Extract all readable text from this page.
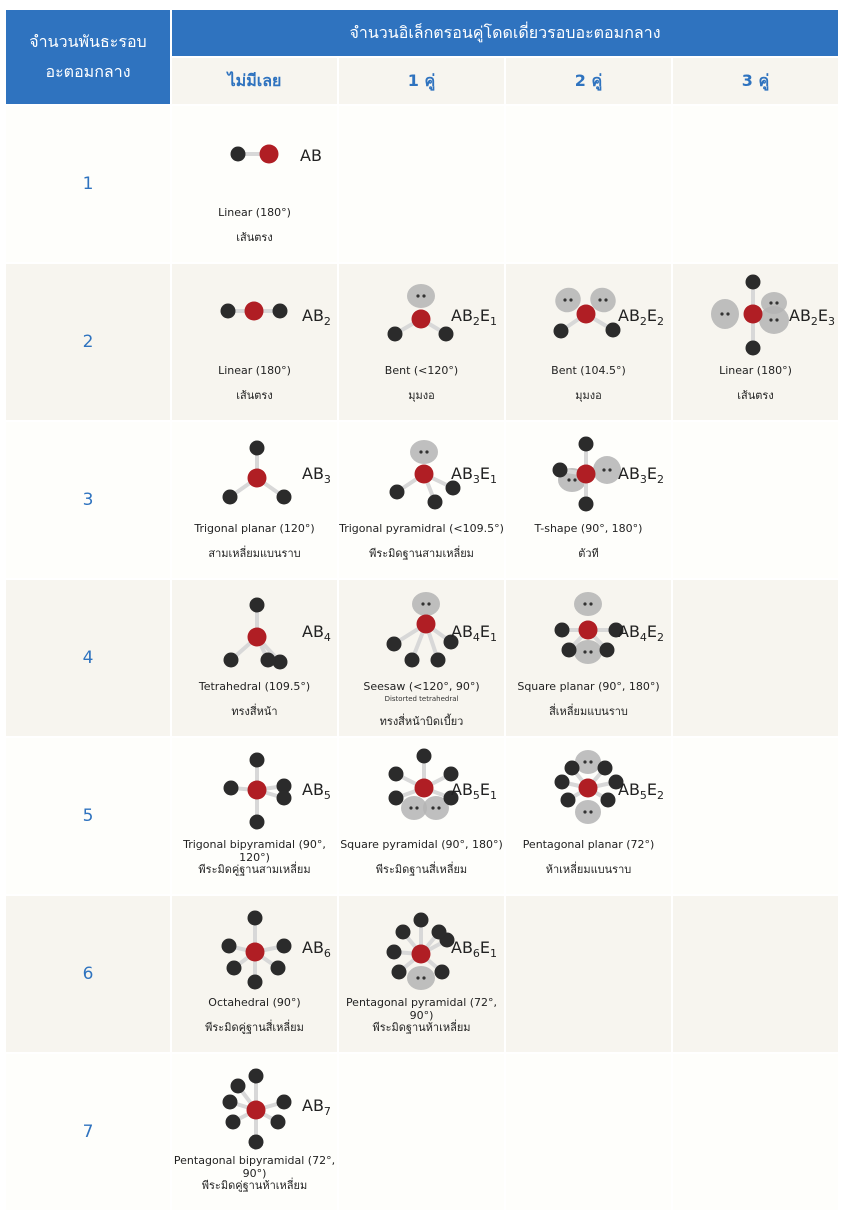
จำนวนพันธะรอบ
อะตอมกลาง
จำนวนอิเล็กตรอนคู่โดดเดี่ยวรอบอะตอมกลาง
ไม่มีเลย	1 คู่	2 คู่	3 คู่
1
AB
Linear (180°)
เส้นตรง
2
$AB_2$
Linear (180°)
เส้นตรง
$AB_2E_1$
Bent (<120°)
มุมงอ
$AB_2E_2$
Bent (104.5°)
มุมงอ
$AB_2E_3$
Linear (180°)
เส้นตรง
3
$AB_3$
Trigonal planar (120°)
สามเหลี่ยมแบนราบ
$AB_3E_1$
Trigonal pyramidral (<109.5°)
พีระมิดฐานสามเหลี่ยม
$AB_3E_2$
T-shape (90°, 180°)
ตัวที
4
$AB_4$
Tetrahedral (109.5°)
ทรงสี่หน้า
$AB_4E_1$
Seesaw (<120°, 90°)
Distorted tetrahedral
ทรงสี่หน้าบิดเบี้ยว
$AB_4E_2$
Square planar (90°, 180°)
สี่เหลี่ยมแบนราบ
5
$AB_5$
Trigonal bipyramidal (90°, 120°)
พีระมิดคู่ฐานสามเหลี่ยม
$AB_5E_1$
Square pyramidal (90°, 180°)
พีระมิดฐานสี่เหลี่ยม
$AB_5E_2$
Pentagonal planar (72°)
ห้าเหลี่ยมแบนราบ
6
$AB_6$
Octahedral (90°)
พีระมิดคู่ฐานสี่เหลี่ยม
$AB_6E_1$
Pentagonal pyramidal (72°, 90°)
พีระมิดฐานห้าเหลี่ยม
7
$AB_7$
Pentagonal bipyramidal (72°, 90°)
พีระมิดคู่ฐานห้าเหลี่ยม
